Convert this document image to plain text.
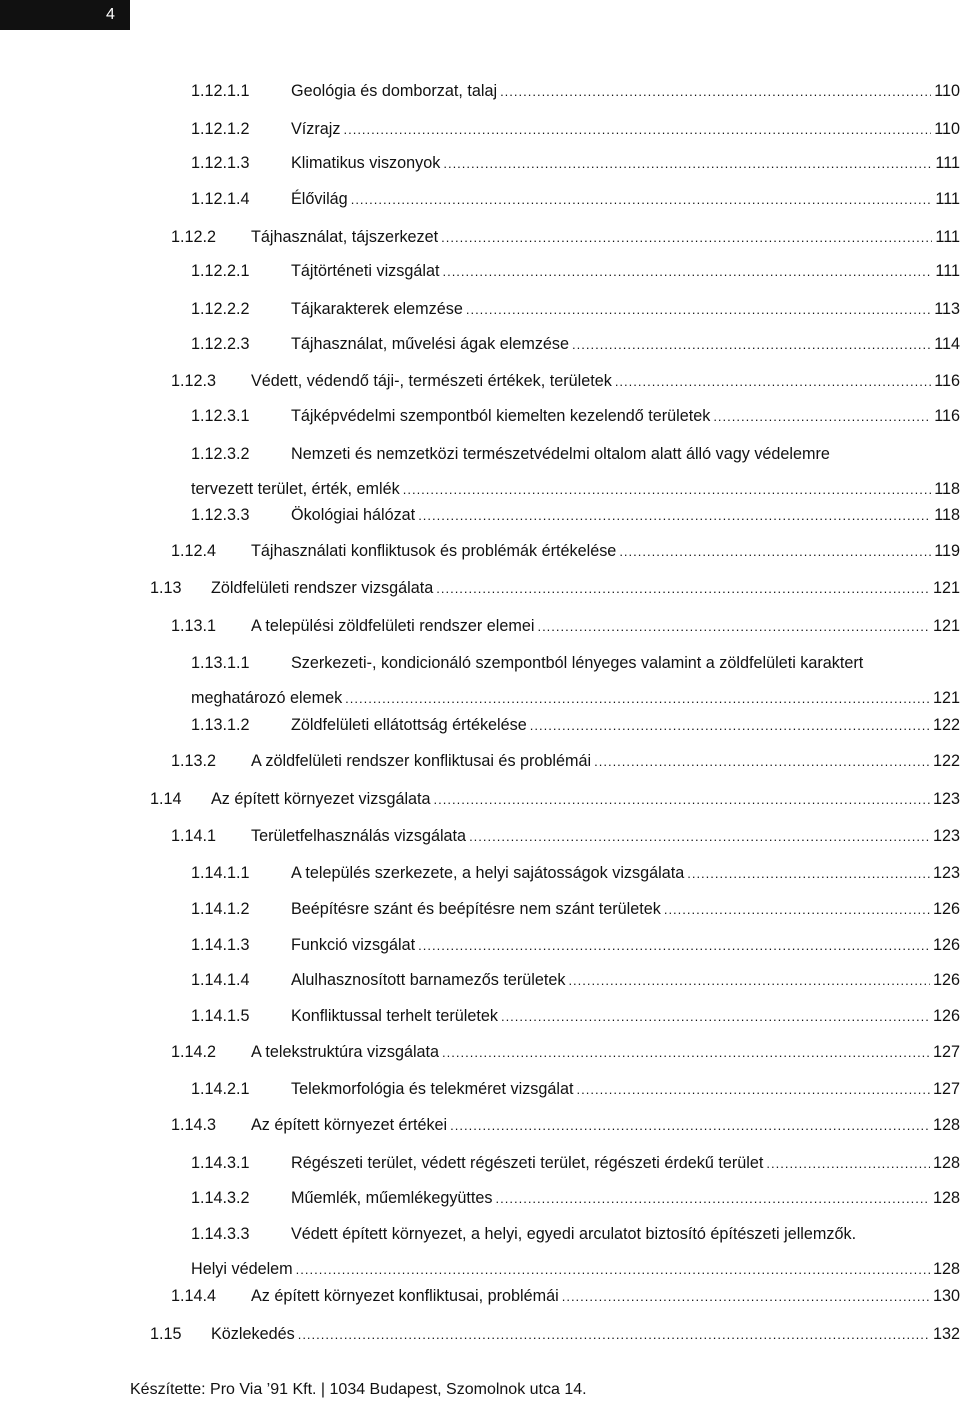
4
1.12.1.1	Geológia és domborzat, talaj .....	110
1.12.1.2	Vízrajz .....	110
1.12.1.3	Klimatikus viszonyok .....	111
1.12.1.4	Élővilág .....	111
1.12.2 Tájhasználat, tájszerkezet .....	111
1.12.2.1	Tájtörténeti vizsgálat .....	111
1.12.2.2	Tájkarakterek elemzése .....	113
1.12.2.3	Tájhasználat, művelési ágak elemzése .....	114
1.12.3 Védett, védendő táji-, természeti értékek, területek .....	116
1.12.3.1	Tájképvédelmi szempontból kiemelten kezelendő területek .....	116
1.12.3.2	Nemzeti és nemzetközi természetvédelmi oltalom alatt álló vagy védelemre
tervezett terület, érték, emlék .....	118
1.12.3.3	Ökológiai hálózat .....	118
1.12.4 Tájhasználati konfliktusok és problémák értékelése .....	119
1.13 Zöldfelületi rendszer vizsgálata .....	121
1.13.1 A települési zöldfelületi rendszer elemei .....	121
1.13.1.1	Szerkezeti-, kondicionáló szempontból lényeges valamint a zöldfelületi karaktert
meghatározó elemek .....	121
1.13.1.2	Zöldfelületi ellátottság értékelése .....	122
1.13.2 A zöldfelületi rendszer konfliktusai és problémái .....	122
1.14 Az épített környezet vizsgálata .....	123
1.14.1 Területfelhasználás vizsgálata .....	123
1.14.1.1	A település szerkezete, a helyi sajátosságok vizsgálata .....	123
1.14.1.2	Beépítésre szánt és beépítésre nem szánt területek .....	126
1.14.1.3	Funkció vizsgálat .....	126
1.14.1.4	Alulhasznosított barnamezős területek .....	126
1.14.1.5	Konfliktussal terhelt területek .....	126
1.14.2 A telekstruktúra vizsgálata .....	127
1.14.2.1	Telekmorfológia és telekméret vizsgálat .....	127
1.14.3 Az épített környezet értékei .....	128
1.14.3.1	Régészeti terület, védett régészeti terület, régészeti érdekű terület .....	128
1.14.3.2	Műemlék, műemlékegyüttes .....	128
1.14.3.3	Védett épített környezet, a helyi, egyedi arculatot biztosító építészeti jellemzők.
Helyi védelem .....	128
1.14.4 Az épített környezet konfliktusai, problémái .....	130
1.15 Közlekedés .....	132
Készítette: Pro Via ’91 Kft. | 1034 Budapest, Szomolnok utca 14.
